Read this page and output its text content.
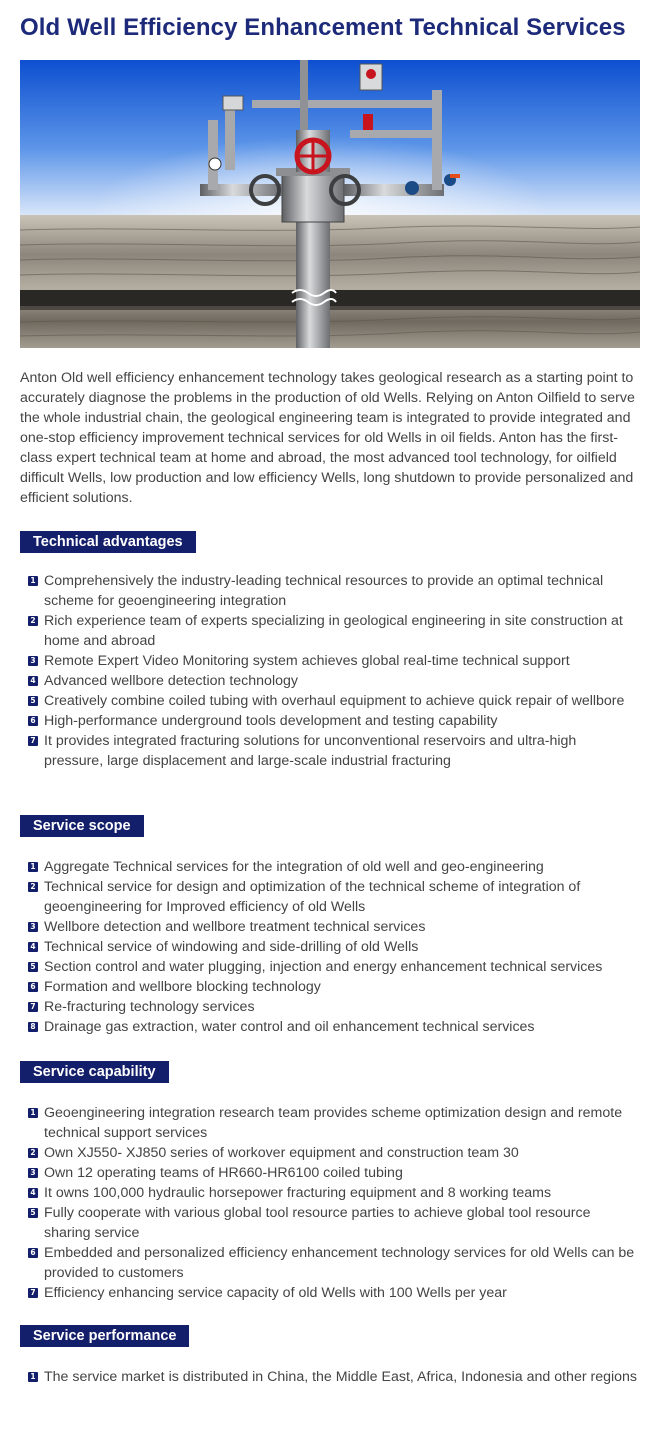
Old Well Efficiency Enhancement Technical Services

Anton Old well efficiency enhancement technology takes geological research as a starting point to accurately diagnose the problems in the production of old Wells. Relying on Anton Oilfield to serve the whole industrial chain, the geological engineering team is integrated to provide integrated and one-stop efficiency improvement technical services for old Wells in oil fields. Anton has the first-class expert technical team at home and abroad, the most advanced tool technology, for oilfield difficult Wells, low production and low efficiency Wells, long shutdown to provide personalized and efficient solutions.

Technical advantages
1 Comprehensively the industry-leading technical resources to provide an optimal technical scheme for geoengineering integration
2 Rich experience team of experts specializing in geological engineering in site construction at home and abroad
3 Remote Expert Video Monitoring system achieves global real-time technical support
4 Advanced wellbore detection technology
5 Creatively combine coiled tubing with overhaul equipment to achieve quick repair of wellbore
6 High-performance underground tools development and testing capability
7 It provides integrated fracturing solutions for unconventional reservoirs and ultra-high pressure, large displacement and large-scale industrial fracturing
Service scope
1 Aggregate Technical services for the integration of old well and geo-engineering
2 Technical service for design and optimization of the technical scheme of integration of geoengineering for Improved efficiency of old Wells
3 Wellbore detection and wellbore treatment technical services
4 Technical service of windowing and side-drilling of old Wells
5 Section control and water plugging, injection and energy enhancement technical services
6 Formation and wellbore blocking technology
7 Re-fracturing technology services
8 Drainage gas extraction, water control and oil enhancement technical services
Service capability
1 Geoengineering integration research team provides scheme optimization design and remote technical support services
2 Own XJ550- XJ850 series of workover equipment and construction team 30
3 Own 12 operating teams of HR660-HR6100 coiled tubing
4 It owns 100,000 hydraulic horsepower fracturing equipment and 8 working teams
5 Fully cooperate with various global tool resource parties to achieve global tool resource sharing service
6 Embedded and personalized efficiency enhancement technology services for old Wells can be provided to customers
7 Efficiency enhancing service capacity of old Wells with 100 Wells per year
Service performance
1 The service market is distributed in China, the Middle East, Africa, Indonesia and other regions
